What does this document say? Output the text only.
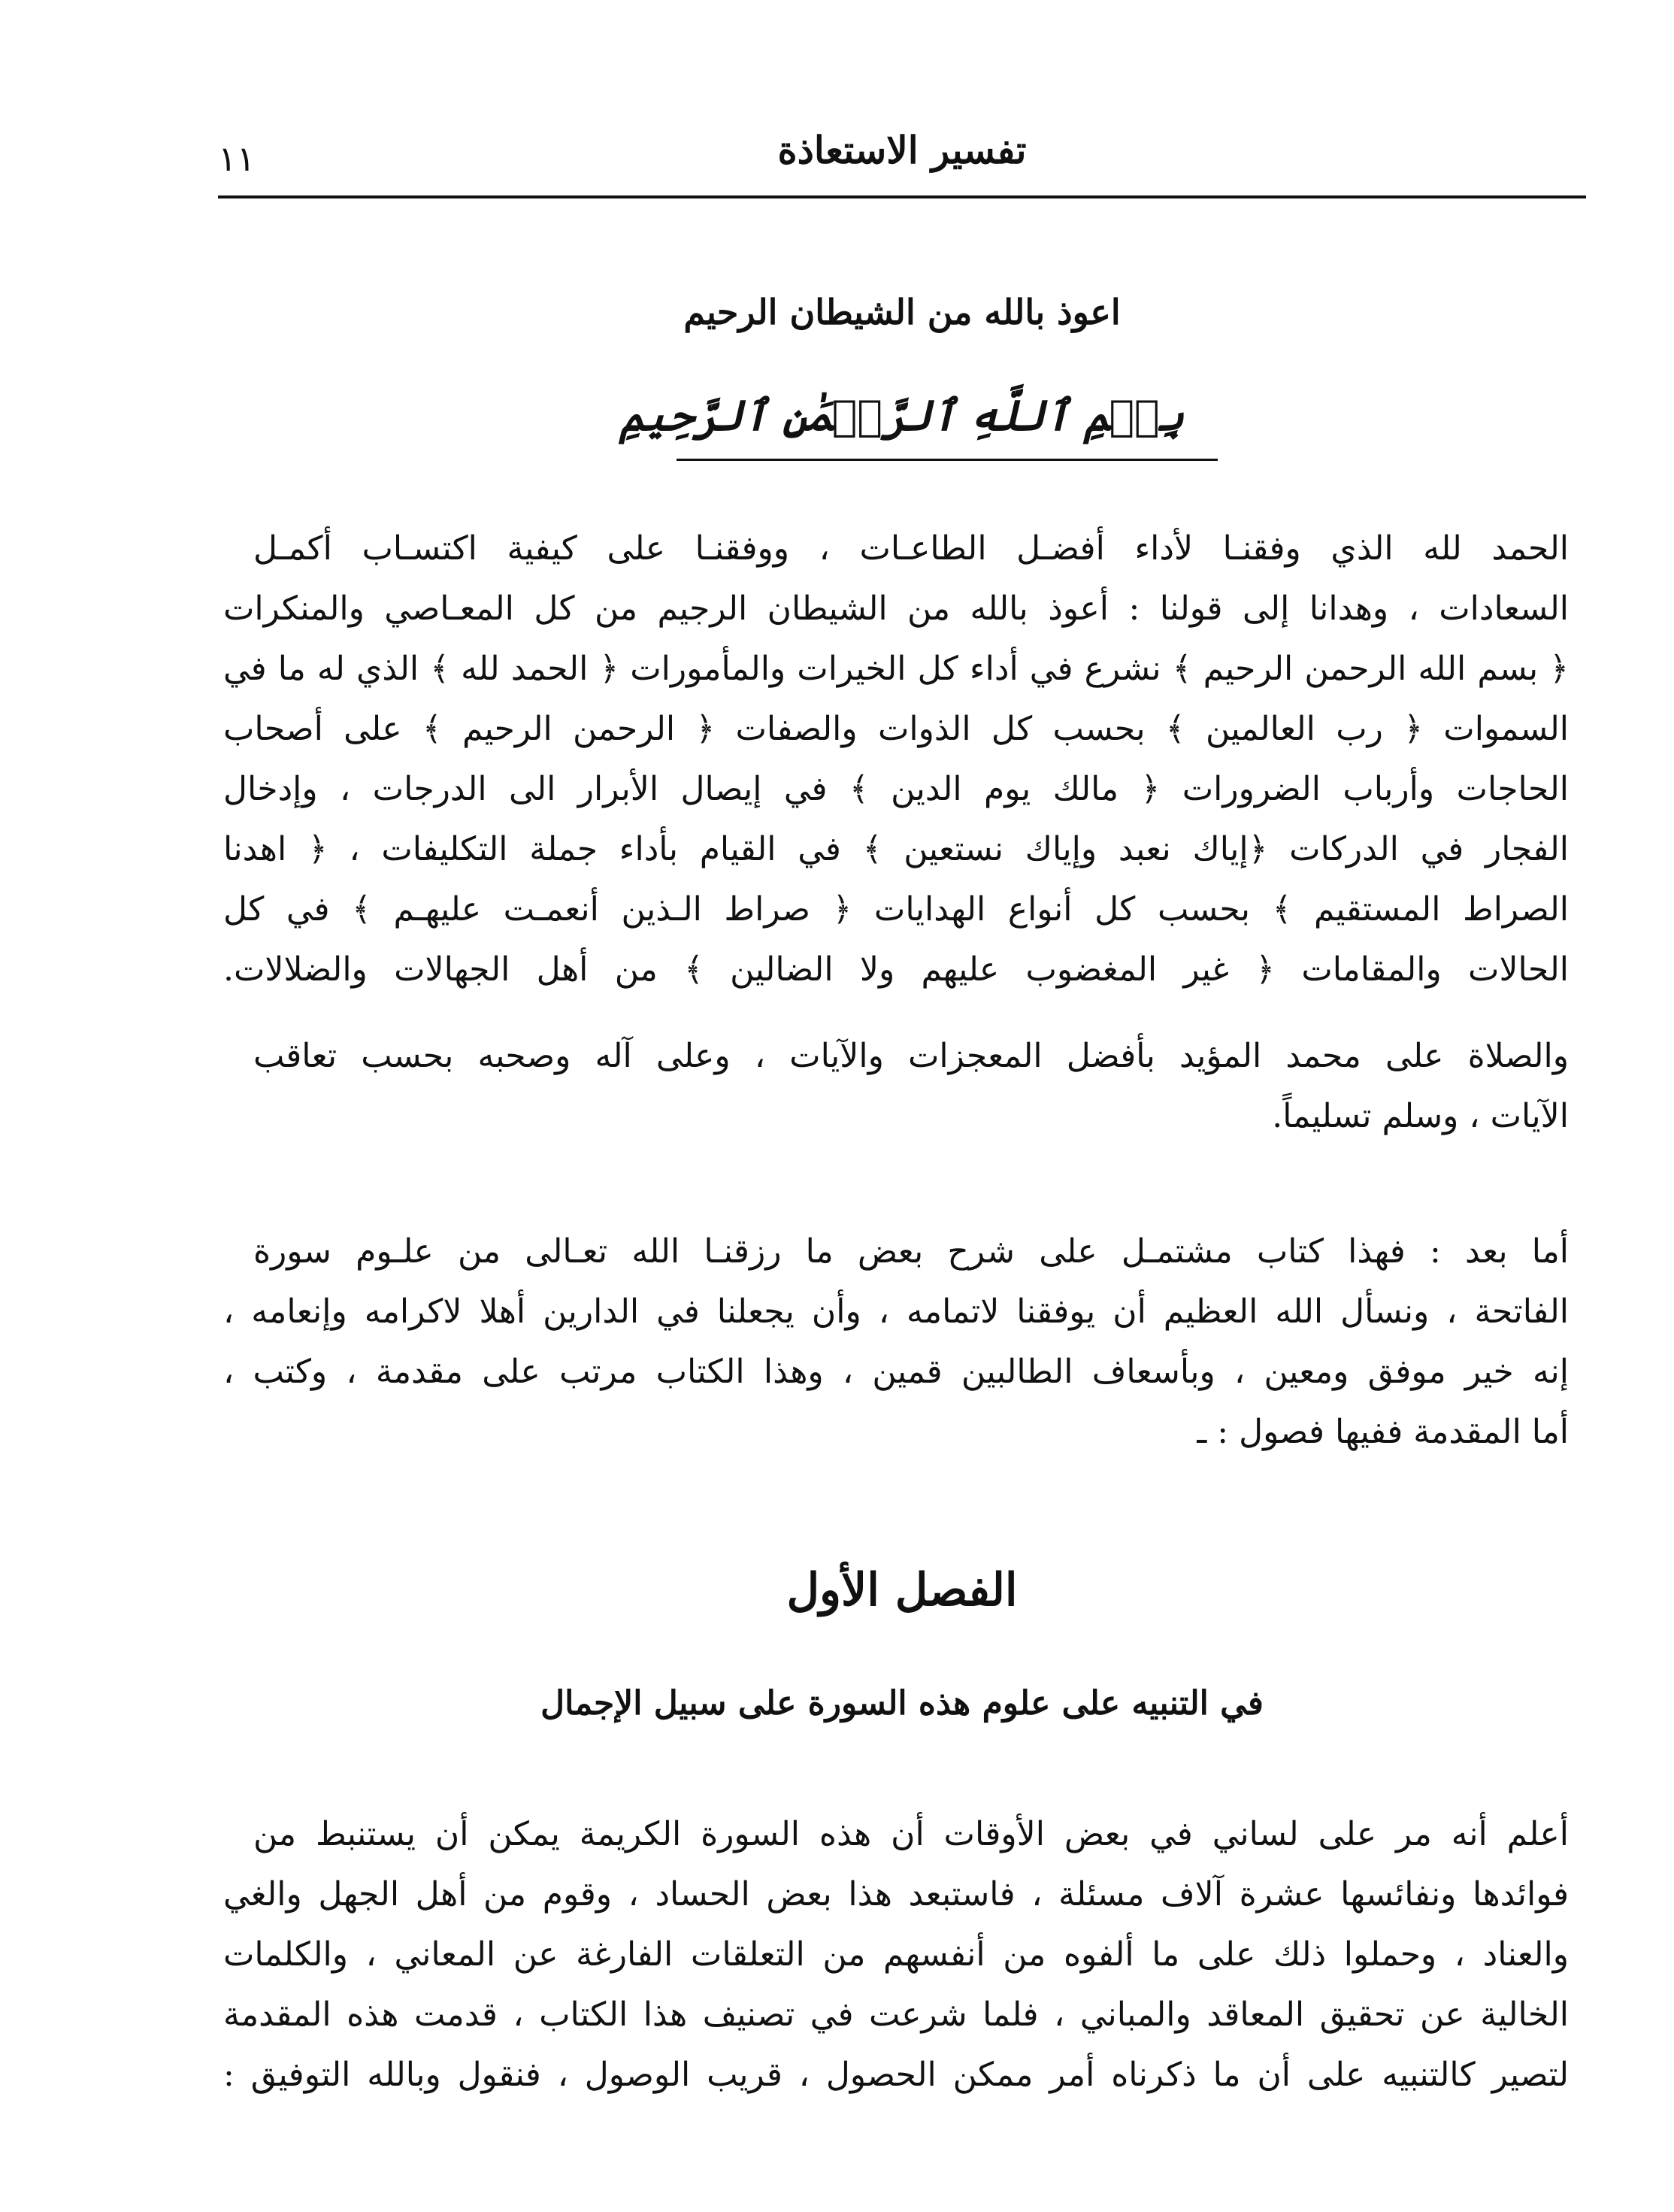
تفسير الاستعاذة
١١
اعوذ بالله من الشيطان الرحيم
بِسۡمِ ٱللَّهِ ٱلرَّحۡمَٰنِ ٱلرَّحِيمِ
الحمد لله الذي وفقنـا لأداء أفضـل الطاعـات ، ووفقنـا على كيفية اكتسـاب أكمـل
السعادات ، وهدانا إلى قولنا : أعوذ بالله من الشيطان الرجيم من كل المعـاصي والمنكرات
﴿ بسم الله الرحمن الرحيم ﴾ نشرع في أداء كل الخيرات والمأمورات ﴿ الحمد لله ﴾ الذي له ما في
السموات ﴿ رب العالمين ﴾ بحسب كل الذوات والصفات ﴿ الرحمن الرحيم ﴾ على أصحاب
الحاجات وأرباب الضرورات ﴿ مالك يوم الدين ﴾ في إيصال الأبرار الى الدرجات ، وإدخال
الفجار في الدركات ﴿إياك نعبد وإياك نستعين ﴾ في القيام بأداء جملة التكليفات ، ﴿ اهدنا
الصراط المستقيم ﴾ بحسب كل أنواع الهدايات ﴿ صراط الـذين أنعمـت عليهـم ﴾ في كل
الحالات والمقامات ﴿ غير المغضوب عليهم ولا الضالين ﴾ من أهل الجهالات والضلالات.
والصلاة على محمد المؤيد بأفضل المعجزات والآيات ، وعلى آله وصحبه بحسب تعاقب
الآيات ، وسلم تسليماً.
أما بعد : فهذا كتاب مشتمـل على شرح بعض ما رزقنـا الله تعـالى من علـوم سورة
الفاتحة ، ونسأل الله العظيم أن يوفقنا لاتمامه ، وأن يجعلنا في الدارين أهلا لاكرامه وإنعامه ،
إنه خير موفق ومعين ، وبأسعاف الطالبين قمين ، وهذا الكتاب مرتب على مقدمة ، وكتب ،
أما المقدمة ففيها فصول : ـ
الفصل الأول
في التنبيه على علوم هذه السورة على سبيل الإجمال
أعلم أنه مر على لساني في بعض الأوقات أن هذه السورة الكريمة يمكن أن يستنبط من
فوائدها ونفائسها عشرة آلاف مسئلة ، فاستبعد هذا بعض الحساد ، وقوم من أهل الجهل والغي
والعناد ، وحملوا ذلك على ما ألفوه من أنفسهم من التعلقات الفارغة عن المعاني ، والكلمات
الخالية عن تحقيق المعاقد والمباني ، فلما شرعت في تصنيف هذا الكتاب ، قدمت هذه المقدمة
لتصير كالتنبيه على أن ما ذكرناه أمر ممكن الحصول ، قريب الوصول ، فنقول وبالله التوفيق :
